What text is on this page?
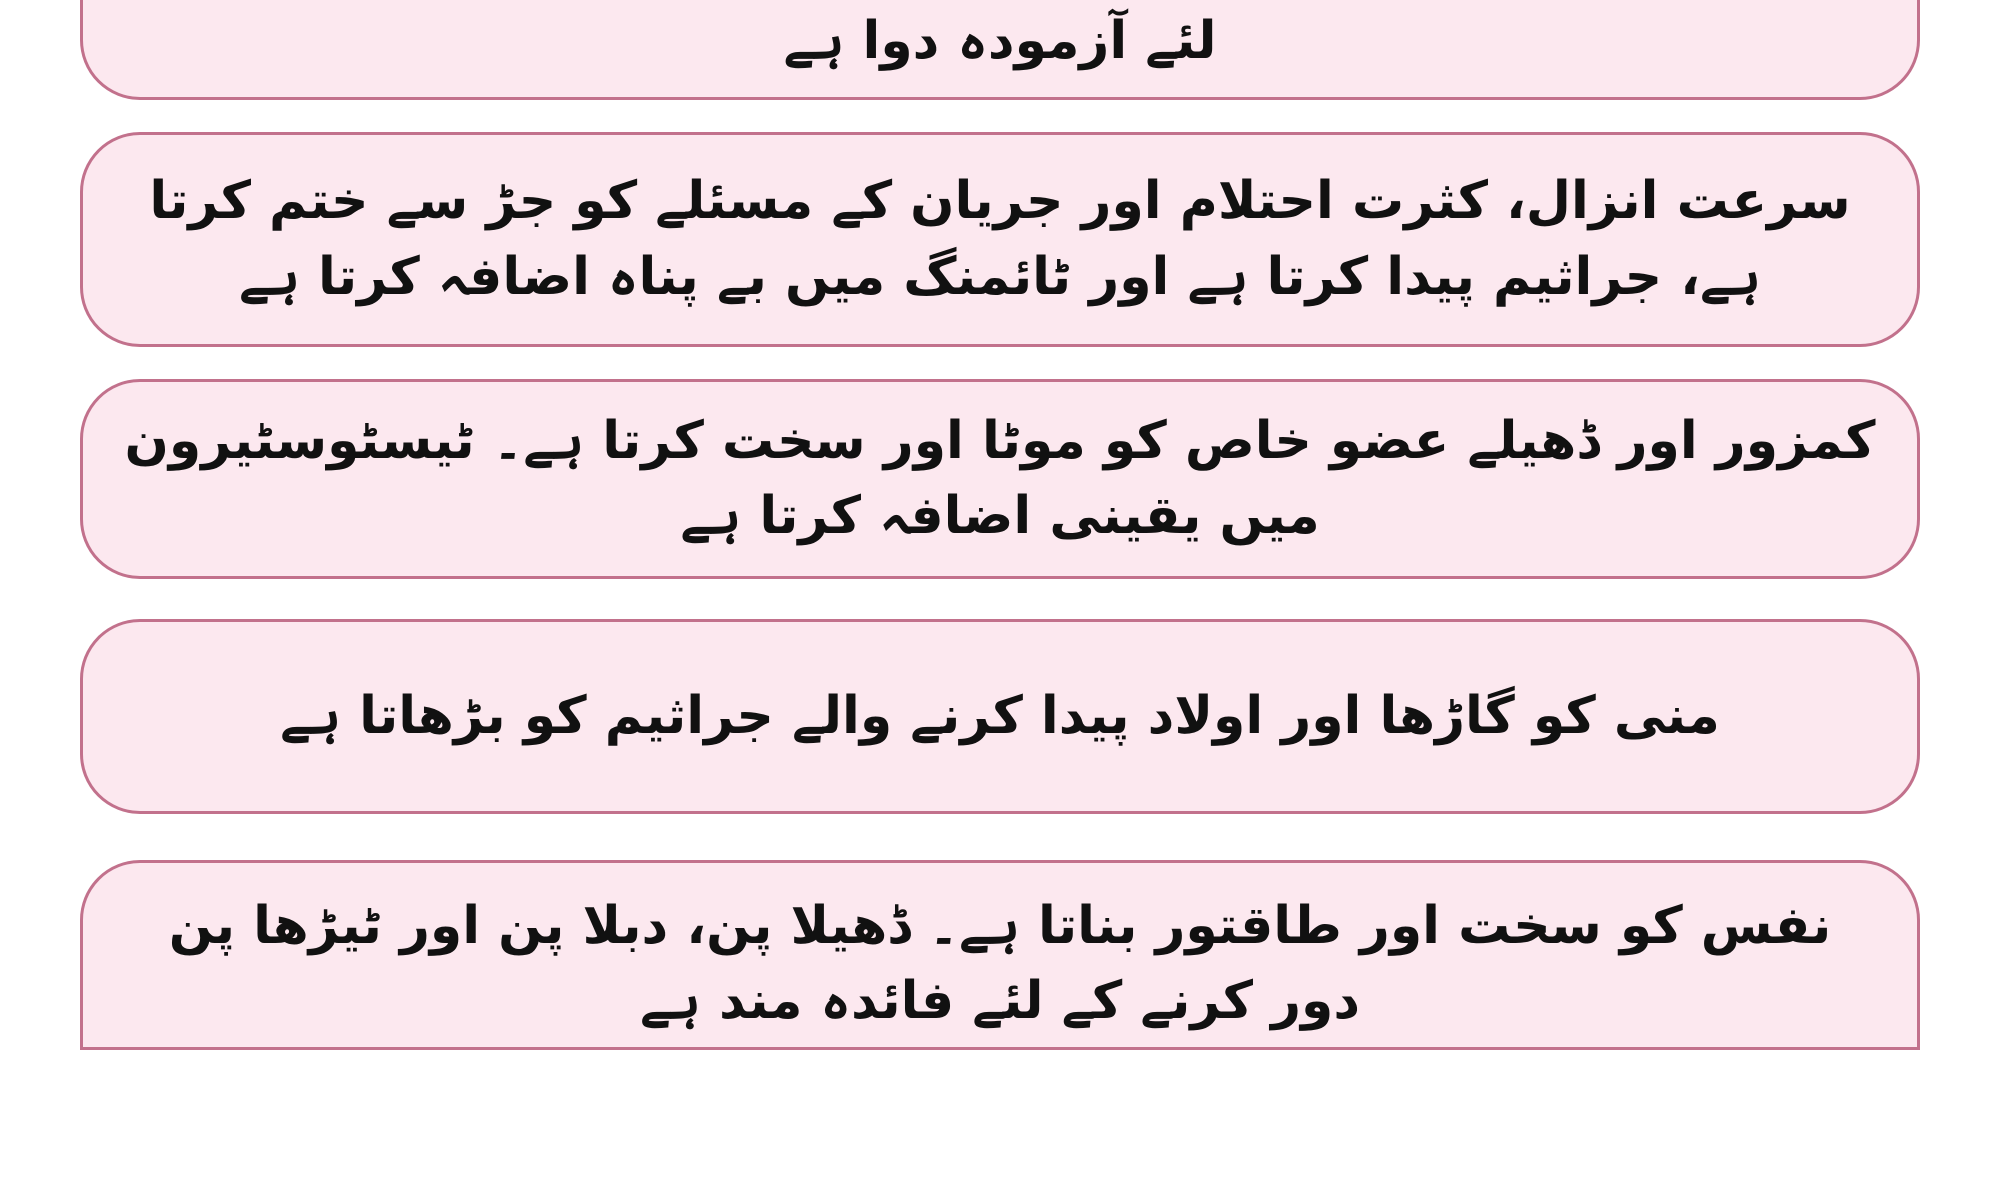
لئے آزمودہ دوا ہے
سرعت انزال، کثرت احتلام اور جریان کے مسئلے کو جڑ سے ختم کرتا ہے، جراثیم پیدا کرتا ہے اور ٹائمنگ میں بے پناہ اضافہ کرتا ہے
کمزور اور ڈھیلے عضو خاص کو موٹا اور سخت کرتا ہے۔ ٹیسٹوسٹیرون میں یقینی اضافہ کرتا ہے
منی کو گاڑھا اور اولاد پیدا کرنے والے جراثیم کو بڑھاتا ہے
نفس کو سخت اور طاقتور بناتا ہے۔ ڈھیلا پن، دبلا پن اور ٹیڑھا پن دور کرنے کے لئے فائدہ مند ہے
